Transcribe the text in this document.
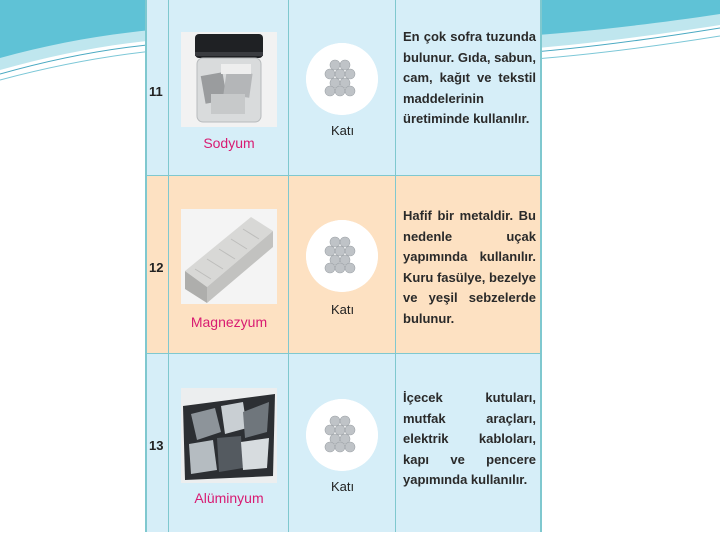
11
Sodyum
Katı
En çok sofra tuzunda bulunur. Gıda, sabun, cam, kağıt ve tekstil maddelerinin üretiminde kullanılır.
12
Magnezyum
Katı
Hafif bir metaldir. Bu nedenle uçak yapımında kullanılır. Kuru fasülye, bezelye ve yeşil sebzelerde bulunur.
13
Alüminyum
Katı
İçecek kutuları, mutfak araçları, elektrik kabloları, kapı ve pencere yapımında kullanılır.
